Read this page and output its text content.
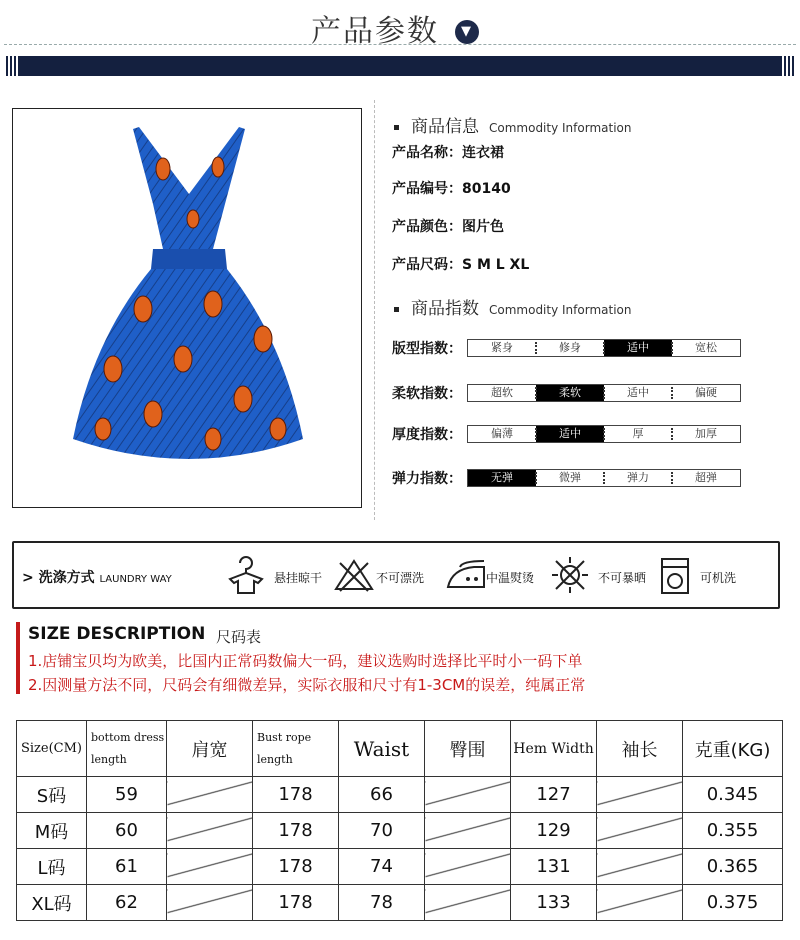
产品参数 ▼
我 SHOW 我出色
商品信息 Commodity Information
产品名称：连衣裙
产品编号：80140
产品颜色：图片色
产品尺码：S M L XL
商品指数 Commodity Information
版型指数：	紧身	修身	适中	宽松
柔软指数：	超软	柔软	适中	偏硬
厚度指数：	偏薄	适中	厚	加厚
弹力指数：	无弹	微弹	弹力	超弹
> 洗涤方式 LAUNDRY WAY	悬挂晾干	不可漂洗	中温熨烫	不可暴晒	可机洗
SIZE DESCRIPTION 尺码表
1.店铺宝贝均为欧美，比国内正常码数偏大一码，建议选购时选择比平时小一码下单
2.因测量方法不同，尺码会有细微差异，实际衣服和尺寸有1-3CM的误差，纯属正常
Size(CM)	bottom dress length	肩宽	Bust rope length	Waist	臀围	Hem Width	袖长	克重(KG)
S码	59		178	66		127		0.345
M码	60		178	70		129		0.355
L码	61		178	74		131		0.365
XL码	62		178	78		133		0.375
